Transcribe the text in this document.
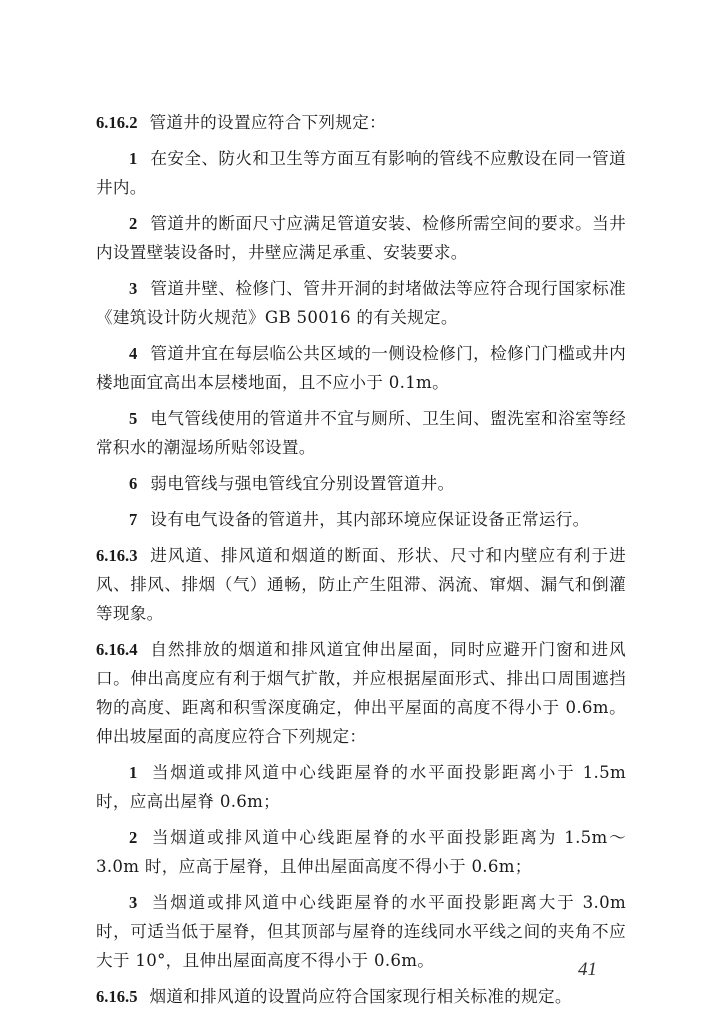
6.16.2 管道井的设置应符合下列规定：

1 在安全、防火和卫生等方面互有影响的管线不应敷设在同一管道井内。

2 管道井的断面尺寸应满足管道安装、检修所需空间的要求。当井内设置壁装设备时，井壁应满足承重、安装要求。

3 管道井壁、检修门、管井开洞的封堵做法等应符合现行国家标准《建筑设计防火规范》GB 50016 的有关规定。

4 管道井宜在每层临公共区域的一侧设检修门，检修门门槛或井内楼地面宜高出本层楼地面，且不应小于 0.1m。

5 电气管线使用的管道井不宜与厕所、卫生间、盥洗室和浴室等经常积水的潮湿场所贴邻设置。

6 弱电管线与强电管线宜分别设置管道井。

7 设有电气设备的管道井，其内部环境应保证设备正常运行。

6.16.3 进风道、排风道和烟道的断面、形状、尺寸和内壁应有利于进风、排风、排烟（气）通畅，防止产生阻滞、涡流、窜烟、漏气和倒灌等现象。

6.16.4 自然排放的烟道和排风道宜伸出屋面，同时应避开门窗和进风口。伸出高度应有利于烟气扩散，并应根据屋面形式、排出口周围遮挡物的高度、距离和积雪深度确定，伸出平屋面的高度不得小于 0.6m。伸出坡屋面的高度应符合下列规定：

1 当烟道或排风道中心线距屋脊的水平面投影距离小于 1.5m 时，应高出屋脊 0.6m；

2 当烟道或排风道中心线距屋脊的水平面投影距离为 1.5m～3.0m 时，应高于屋脊，且伸出屋面高度不得小于 0.6m；

3 当烟道或排风道中心线距屋脊的水平面投影距离大于 3.0m 时，可适当低于屋脊，但其顶部与屋脊的连线同水平线之间的夹角不应大于 10°，且伸出屋面高度不得小于 0.6m。

6.16.5 烟道和排风道的设置尚应符合国家现行相关标准的规定。

41
